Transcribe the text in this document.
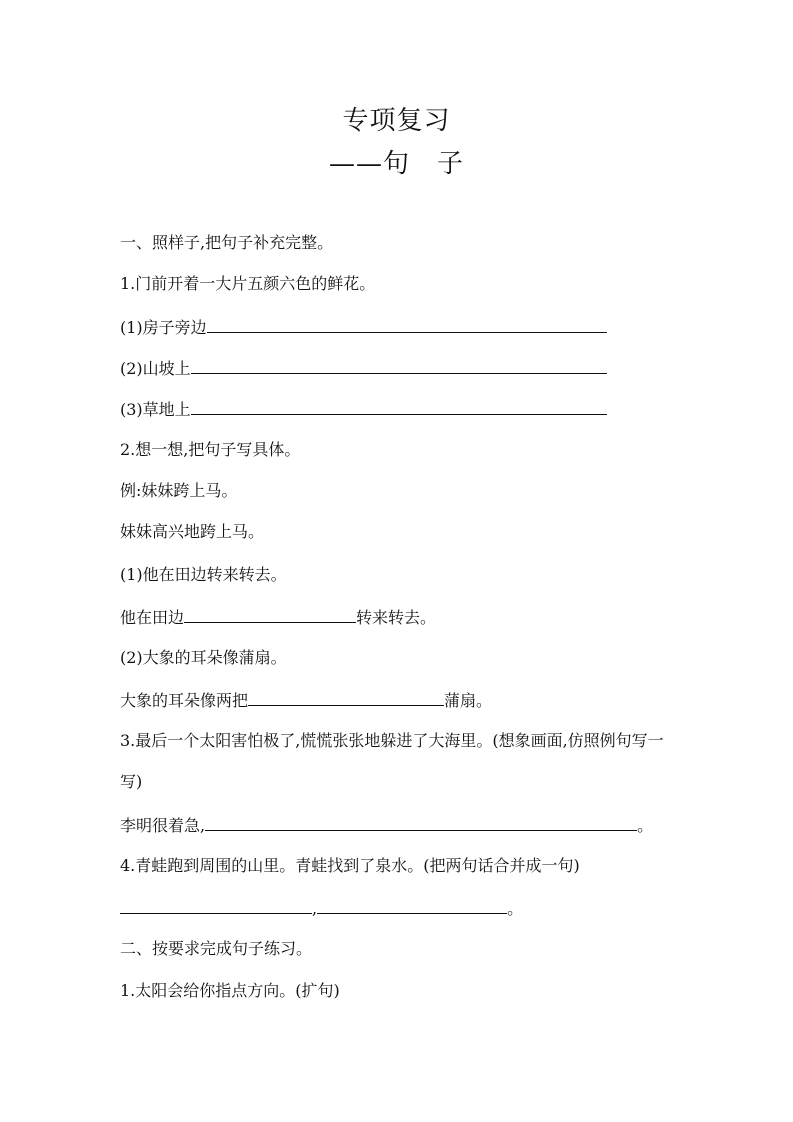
专项复习
——句　子
一、照样子,把句子补充完整。
1.门前开着一大片五颜六色的鲜花。
(1)房子旁边
(2)山坡上
(3)草地上
2.想一想,把句子写具体。
例:妹妹跨上马。
妹妹高兴地跨上马。
(1)他在田边转来转去。
他在田边	转来转去。
(2)大象的耳朵像蒲扇。
大象的耳朵像两把	蒲扇。
3.最后一个太阳害怕极了,慌慌张张地躲进了大海里。(想象画面,仿照例句写一
写)
李明很着急,	。
4.青蛙跑到周围的山里。青蛙找到了泉水。(把两句话合并成一句)
,	。
二、按要求完成句子练习。
1.太阳会给你指点方向。(扩句)
